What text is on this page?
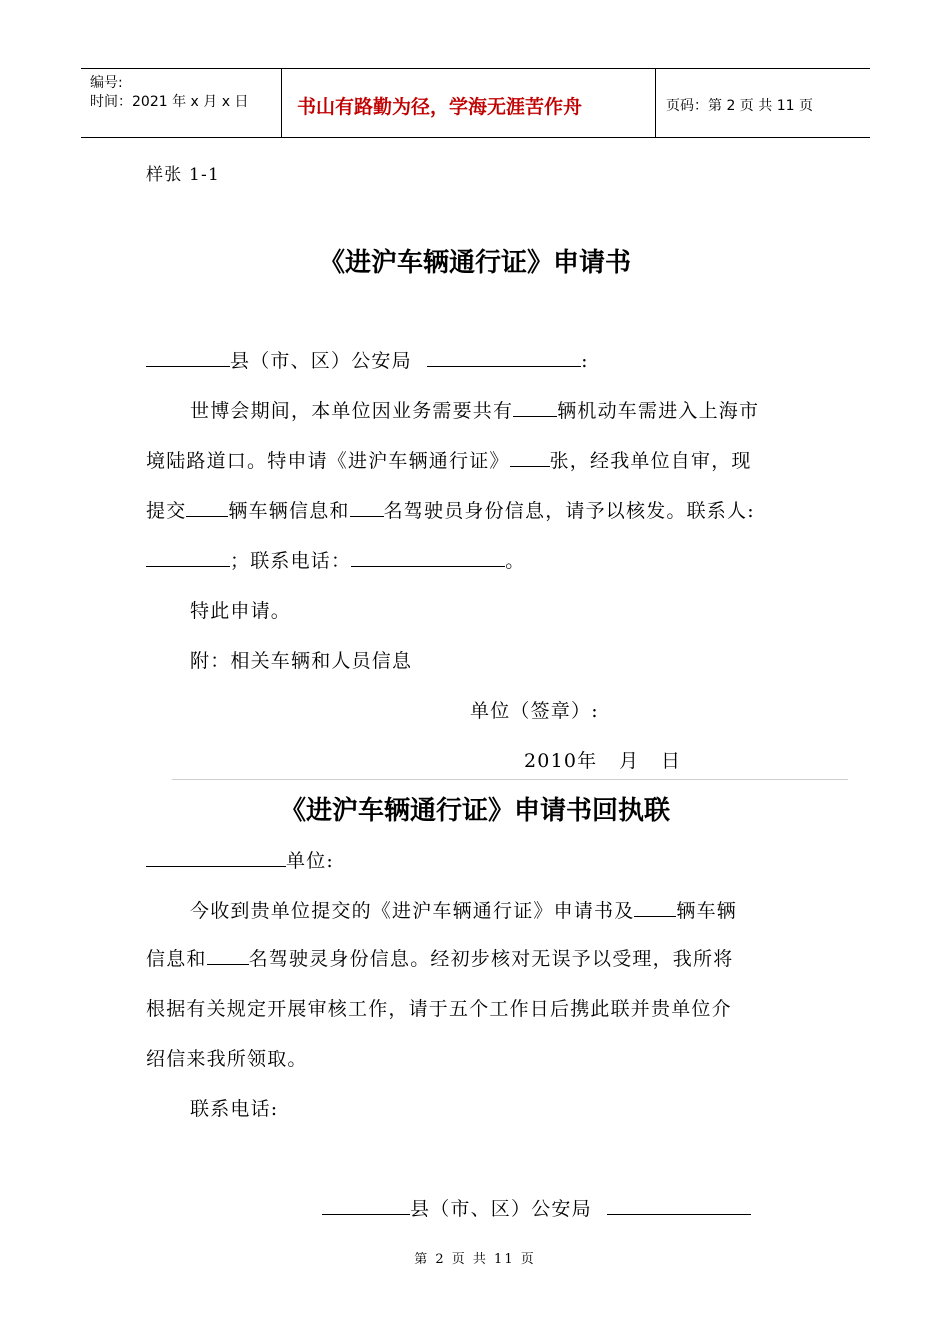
编号:
时间：2021 年 x 月 x 日	书山有路勤为径，学海无涯苦作舟	页码：第 2 页 共 11 页
样张 1-1
《进沪车辆通行证》申请书
县（市、区）公安局	:
世博会期间，本单位因业务需要共有 辆机动车需进入上海市
境陆路道口。特申请《进沪车辆通行证》 张，经我单位自审，现
提交 辆车辆信息和 名驾驶员身份信息，请予以核发。联系人:
；联系电话：	。
特此申请。
附：相关车辆和人员信息
单位（签章）:
2010年   月   日
《进沪车辆通行证》申请书回执联
单位:
今收到贵单位提交的《进沪车辆通行证》申请书及 辆车辆
信息和 名驾驶灵身份信息。经初步核对无误予以受理，我所将
根据有关规定开展审核工作，请于五个工作日后携此联并贵单位介
绍信来我所领取。
联系电话:
县（市、区）公安局
第 2 页 共 11 页
